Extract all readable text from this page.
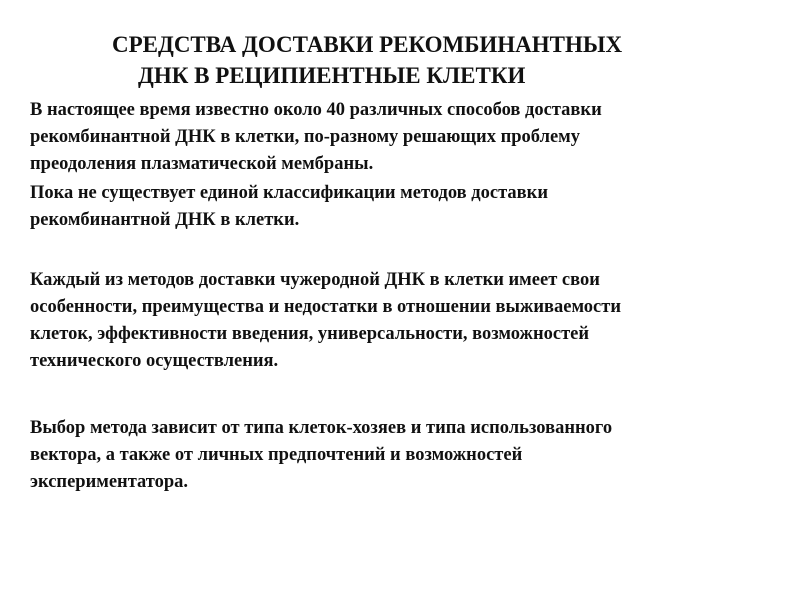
СРЕДСТВА ДОСТАВКИ РЕКОМБИНАНТНЫХ
ДНК В РЕЦИПИЕНТНЫЕ КЛЕТКИ
В настоящее время известно около 40 различных способов доставки
рекомбинантной ДНК в клетки, по-разному решающих проблему
преодоления плазматической мембраны.
Пока не существует единой классификации методов доставки
рекомбинантной ДНК в клетки.
Каждый из методов доставки чужеродной ДНК в клетки имеет свои
особенности, преимущества и недостатки в отношении выживаемости
клеток, эффективности введения, универсальности, возможностей
технического осуществления.
Выбор метода зависит от типа клеток-хозяев и типа использованного
вектора, а также от личных предпочтений и возможностей
экспериментатора.
